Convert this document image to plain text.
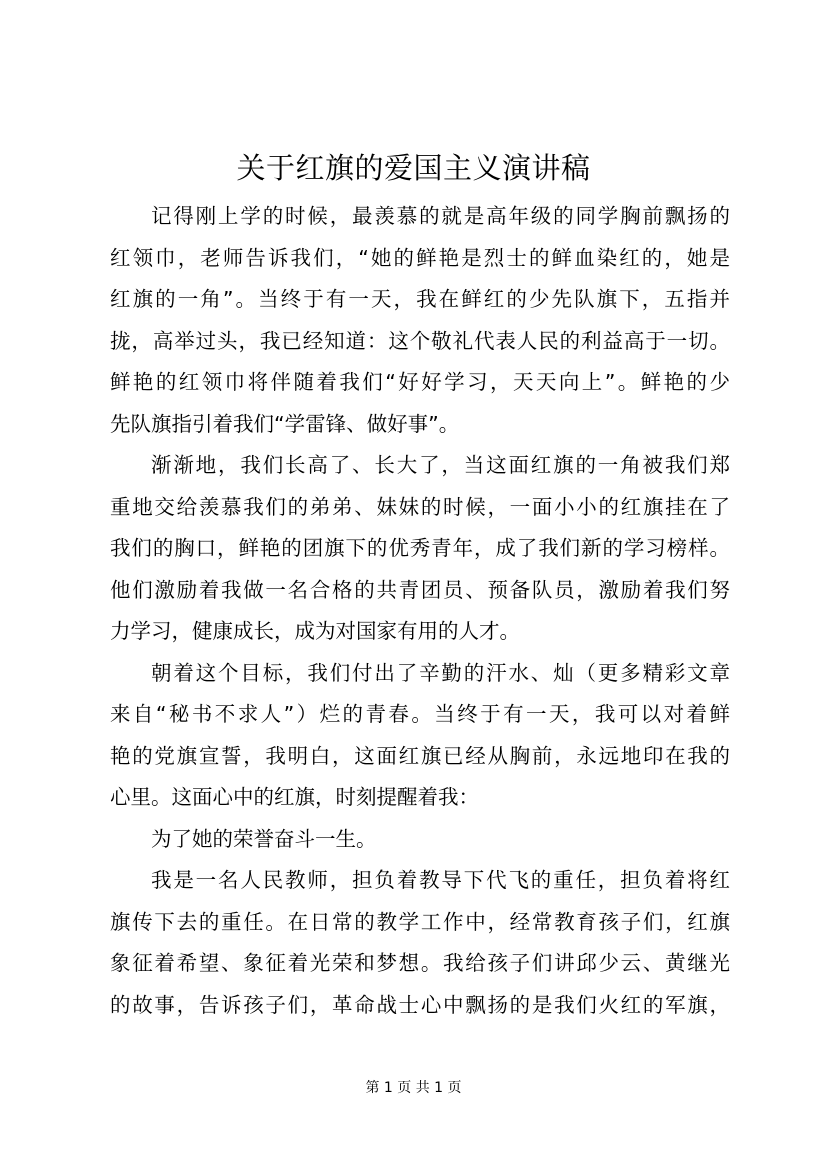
关于红旗的爱国主义演讲稿
记得刚上学的时候，最羡慕的就是高年级的同学胸前飘扬的
红领巾，老师告诉我们，“她的鲜艳是烈士的鲜血染红的，她是
红旗的一角”。当终于有一天，我在鲜红的少先队旗下，五指并
拢，高举过头，我已经知道：这个敬礼代表人民的利益高于一切。
鲜艳的红领巾将伴随着我们“好好学习，天天向上”。鲜艳的少
先队旗指引着我们“学雷锋、做好事”。
渐渐地，我们长高了、长大了，当这面红旗的一角被我们郑
重地交给羡慕我们的弟弟、妹妹的时候，一面小小的红旗挂在了
我们的胸口，鲜艳的团旗下的优秀青年，成了我们新的学习榜样。
他们激励着我做一名合格的共青团员、预备队员，激励着我们努
力学习，健康成长，成为对国家有用的人才。
朝着这个目标，我们付出了辛勤的汗水、灿（更多精彩文章
来自“秘书不求人”）烂的青春。当终于有一天，我可以对着鲜
艳的党旗宣誓，我明白，这面红旗已经从胸前，永远地印在我的
心里。这面心中的红旗，时刻提醒着我：
为了她的荣誉奋斗一生。
我是一名人民教师，担负着教导下代飞的重任，担负着将红
旗传下去的重任。在日常的教学工作中，经常教育孩子们，红旗
象征着希望、象征着光荣和梦想。我给孩子们讲邱少云、黄继光
的故事，告诉孩子们，革命战士心中飘扬的是我们火红的军旗，
第 1 页 共 1 页
